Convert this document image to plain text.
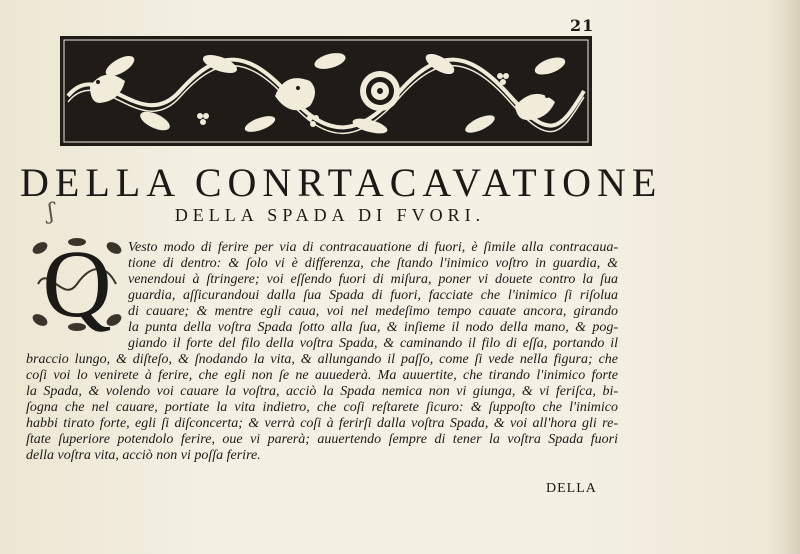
21
DELLA CONRTACAVATIONE
DELLA SPADA DI FVORI.
ʃ
Q	Vesto modo di ferire per via di contracauatione di fuori, è ſimile alla contracaua-
tione di dentro: & ſolo vi è differenza, che ſtando l'inimico voſtro in guardia, &
venendoui à ſtringere; voi eſſendo fuori di miſura, poner vi douete contro la ſua
guardia, aſſicurandoui dalla ſua Spada di fuori, facciate che l'inimico ſi riſolua
di cauare; & mentre egli caua, voi nel medeſimo tempo cauate ancora, girando
la punta della voſtra Spada ſotto alla ſua, & inſieme il nodo della mano, & pog-
giando il forte del filo della voſtra Spada, & caminando il filo di eſſa, portando il
braccio lungo, & diſteſo, & ſnodando la vita, & allungando il paſſo, come ſi vede nella figura; che
coſi voi lo venirete à ferire, che egli non ſe ne auuederà. Ma auuertite, che tirando l'inimico forte
la Spada, & volendo voi cauare la voſtra, acciò la Spada nemica non vi giunga, & vi feriſca, bi-
ſogna che nel cauare, portiate la vita indietro, che coſi reſtarete ſicuro: & ſuppoſto che l'inimico
habbi tirato forte, egli ſi diſconcerta; & verrà coſi à ferirſi dalla voſtra Spada, & voi all'hora gli re-
ſtate ſuperiore potendolo ferire, oue vi parerà; auuertendo ſempre di tener la voſtra Spada fuori
della voſtra vita, acciò non vi poſſa ferire.
DELLA
